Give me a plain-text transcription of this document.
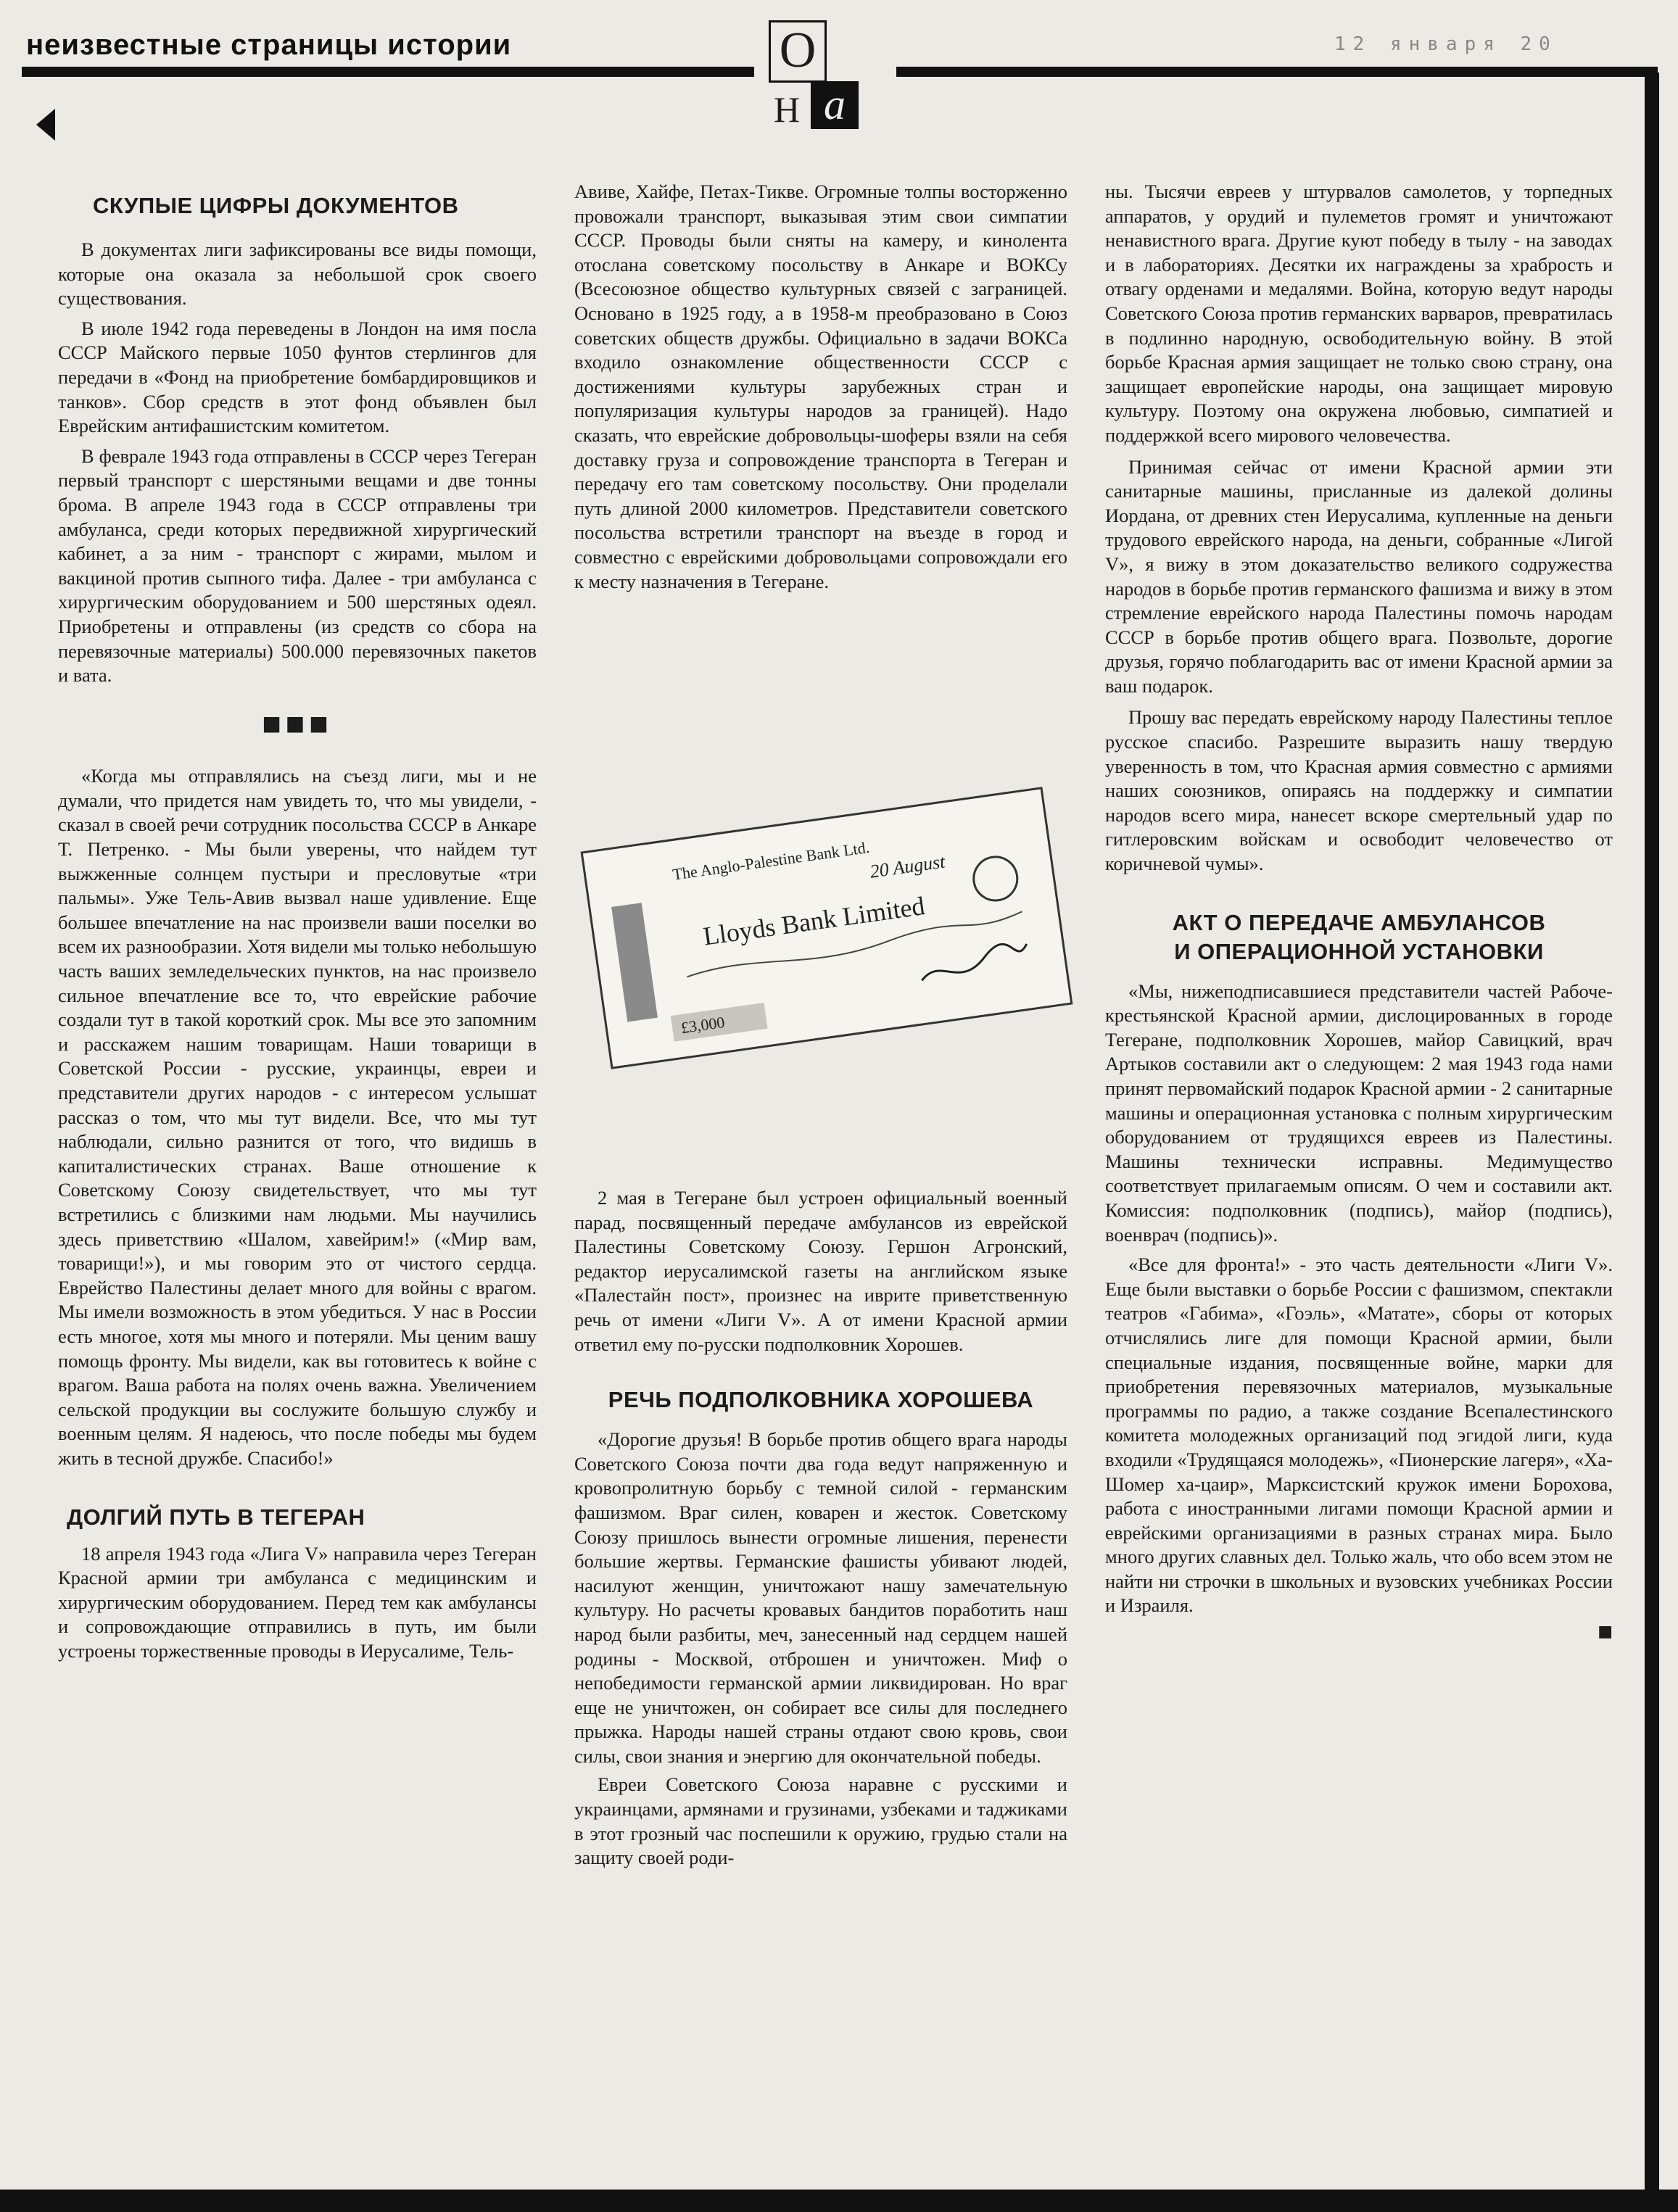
неизвестные страницы истории	12 января 20
О
Н а
СКУПЫЕ ЦИФРЫ ДОКУМЕНТОВ

В документах лиги зафиксированы все виды помощи, которые она оказала за небольшой срок своего существования.

В июле 1942 года переведены в Лондон на имя посла СССР Майского первые 1050 фунтов стерлингов для передачи в «Фонд на приобретение бомбардировщиков и танков». Сбор средств в этот фонд объявлен был Еврейским антифашистским комитетом.

В феврале 1943 года отправлены в СССР через Тегеран первый транспорт с шерстяными вещами и две тонны брома. В апреле 1943 года в СССР отправлены три амбуланса, среди которых передвижной хирургический кабинет, а за ним - транспорт с жирами, мылом и вакциной против сыпного тифа. Далее - три амбуланса с хирургическим оборудованием и 500 шерстяных одеял. Приобретены и отправлены (из средств со сбора на перевязочные материалы) 500.000 перевязочных пакетов и вата.

■■■

«Когда мы отправлялись на съезд лиги, мы и не думали, что придется нам увидеть то, что мы увидели, - сказал в своей речи сотрудник посольства СССР в Анкаре Т. Петренко. - Мы были уверены, что найдем тут выжженные солнцем пустыри и пресловутые «три пальмы». Уже Тель-Авив вызвал наше удивление. Еще большее впечатление на нас произвели ваши поселки во всем их разнообразии. Хотя видели мы только небольшую часть ваших земледельческих пунктов, на нас произвело сильное впечатление все то, что еврейские рабочие создали тут в такой короткий срок. Мы все это запомним и расскажем нашим товарищам. Наши товарищи в Советской России - русские, украинцы, евреи и представители других народов - с интересом услышат рассказ о том, что мы тут видели. Все, что мы тут наблюдали, сильно разнится от того, что видишь в капиталистических странах. Ваше отношение к Советскому Союзу свидетельствует, что мы тут встретились с близкими нам людьми. Мы научились здесь приветствию «Шалом, хавейрим!» («Мир вам, товарищи!»), и мы говорим это от чистого сердца. Еврейство Палестины делает много для войны с врагом. Мы имели возможность в этом убедиться. У нас в России есть многое, хотя мы много и потеряли. Мы ценим вашу помощь фронту. Мы видели, как вы готовитесь к войне с врагом. Ваша работа на полях очень важна. Увеличением сельской продукции вы сослужите большую службу и военным целям. Я надеюсь, что после победы мы будем жить в тесной дружбе. Спасибо!»

ДОЛГИЙ ПУТЬ В ТЕГЕРАН

18 апреля 1943 года «Лига V» направила через Тегеран Красной армии три амбуланса с медицинским и хирургическим оборудованием. Перед тем как амбулансы и сопровождающие отправились в путь, им были устроены торжественные проводы в Иерусалиме, Тель-

Авиве, Хайфе, Петах-Тикве. Огромные толпы восторженно провожали транспорт, выказывая этим свои симпатии СССР. Проводы были сняты на камеру, и кинолента отослана советскому посольству в Анкаре и ВОКСу (Всесоюзное общество культурных связей с заграницей. Основано в 1925 году, а в 1958-м преобразовано в Союз советских обществ дружбы. Официально в задачи ВОКСа входило ознакомление общественности СССР с достижениями культуры зарубежных стран и популяризация культуры народов за границей). Надо сказать, что еврейские добровольцы-шоферы взяли на себя доставку груза и сопровождение транспорта в Тегеран и передачу его там советскому посольству. Они проделали путь длиной 2000 километров. Представители советского посольства встретили транспорт на въезде в город и совместно с еврейскими добровольцами сопровождали его к месту назначения в Тегеране.

The Anglo-Palestine Bank Ltd.
Lloyds Bank Limited
20 August
£3,000

2 мая в Тегеране был устроен официальный военный парад, посвященный передаче амбулансов из еврейской Палестины Советскому Союзу. Гершон Агронский, редактор иерусалимской газеты на английском языке «Палестайн пост», произнес на иврите приветственную речь от имени «Лиги V». А от имени Красной армии ответил ему по-русски подполковник Хорошев.

РЕЧЬ ПОДПОЛКОВНИКА ХОРОШЕВА

«Дорогие друзья! В борьбе против общего врага народы Советского Союза почти два года ведут напряженную и кровопролитную борьбу с темной силой - германским фашизмом. Враг силен, коварен и жесток. Советскому Союзу пришлось вынести огромные лишения, перенести большие жертвы. Германские фашисты убивают людей, насилуют женщин, уничтожают нашу замечательную культуру. Но расчеты кровавых бандитов поработить наш народ были разбиты, меч, занесенный над сердцем нашей родины - Москвой, отброшен и уничтожен. Миф о непобедимости германской армии ликвидирован. Но враг еще не уничтожен, он собирает все силы для последнего прыжка. Народы нашей страны отдают свою кровь, свои силы, свои знания и энергию для окончательной победы.

Евреи Советского Союза наравне с русскими и украинцами, армянами и грузинами, узбеками и таджиками в этот грозный час поспешили к оружию, грудью стали на защиту своей роди-

ны. Тысячи евреев у штурвалов самолетов, у торпедных аппаратов, у орудий и пулеметов громят и уничтожают ненавистного врага. Другие куют победу в тылу - на заводах и в лабораториях. Десятки их награждены за храбрость и отвагу орденами и медалями. Война, которую ведут народы Советского Союза против германских варваров, превратилась в подлинно народную, освободительную войну. В этой борьбе Красная армия защищает не только свою страну, она защищает европейские народы, она защищает мировую культуру. Поэтому она окружена любовью, симпатией и поддержкой всего мирового человечества.

Принимая сейчас от имени Красной армии эти санитарные машины, присланные из далекой долины Иордана, от древних стен Иерусалима, купленные на деньги трудового еврейского народа, на деньги, собранные «Лигой V», я вижу в этом доказательство великого содружества народов в борьбе против германского фашизма и вижу в этом стремление еврейского народа Палестины помочь народам СССР в борьбе против общего врага. Позвольте, дорогие друзья, горячо поблагодарить вас от имени Красной армии за ваш подарок.

Прошу вас передать еврейскому народу Палестины теплое русское спасибо. Разрешите выразить нашу твердую уверенность в том, что Красная армия совместно с армиями наших союзников, опираясь на поддержку и симпатии народов всего мира, нанесет вскоре смертельный удар по гитлеровским войскам и освободит человечество от коричневой чумы».

АКТ О ПЕРЕДАЧЕ АМБУЛАНСОВ
И ОПЕРАЦИОННОЙ УСТАНОВКИ

«Мы, нижеподписавшиеся представители частей Рабоче-крестьянской Красной армии, дислоцированных в городе Тегеране, подполковник Хорошев, майор Савицкий, врач Артыков составили акт о следующем: 2 мая 1943 года нами принят первомайский подарок Красной армии - 2 санитарные машины и операционная установка с полным хирургическим оборудованием от трудящихся евреев из Палестины. Машины технически исправны. Медимущество соответствует прилагаемым описям. О чем и составили акт. Комиссия: подполковник (подпись), майор (подпись), военврач (подпись)».

«Все для фронта!» - это часть деятельности «Лиги V». Еще были выставки о борьбе России с фашизмом, спектакли театров «Габима», «Гоэль», «Матате», сборы от которых отчислялись лиге для помощи Красной армии, были специальные издания, посвященные войне, марки для приобретения перевязочных материалов, музыкальные программы по радио, а также создание Всепалестинского комитета молодежных организаций под эгидой лиги, куда входили «Трудящаяся молодежь», «Пионерские лагеря», «Ха-Шомер ха-цаир», Марксистский кружок имени Борохова, работа с иностранными лигами помощи Красной армии и еврейскими организациями в разных странах мира. Было много других славных дел. Только жаль, что обо всем этом не найти ни строчки в школьных и вузовских учебниках России и Израиля.

■
